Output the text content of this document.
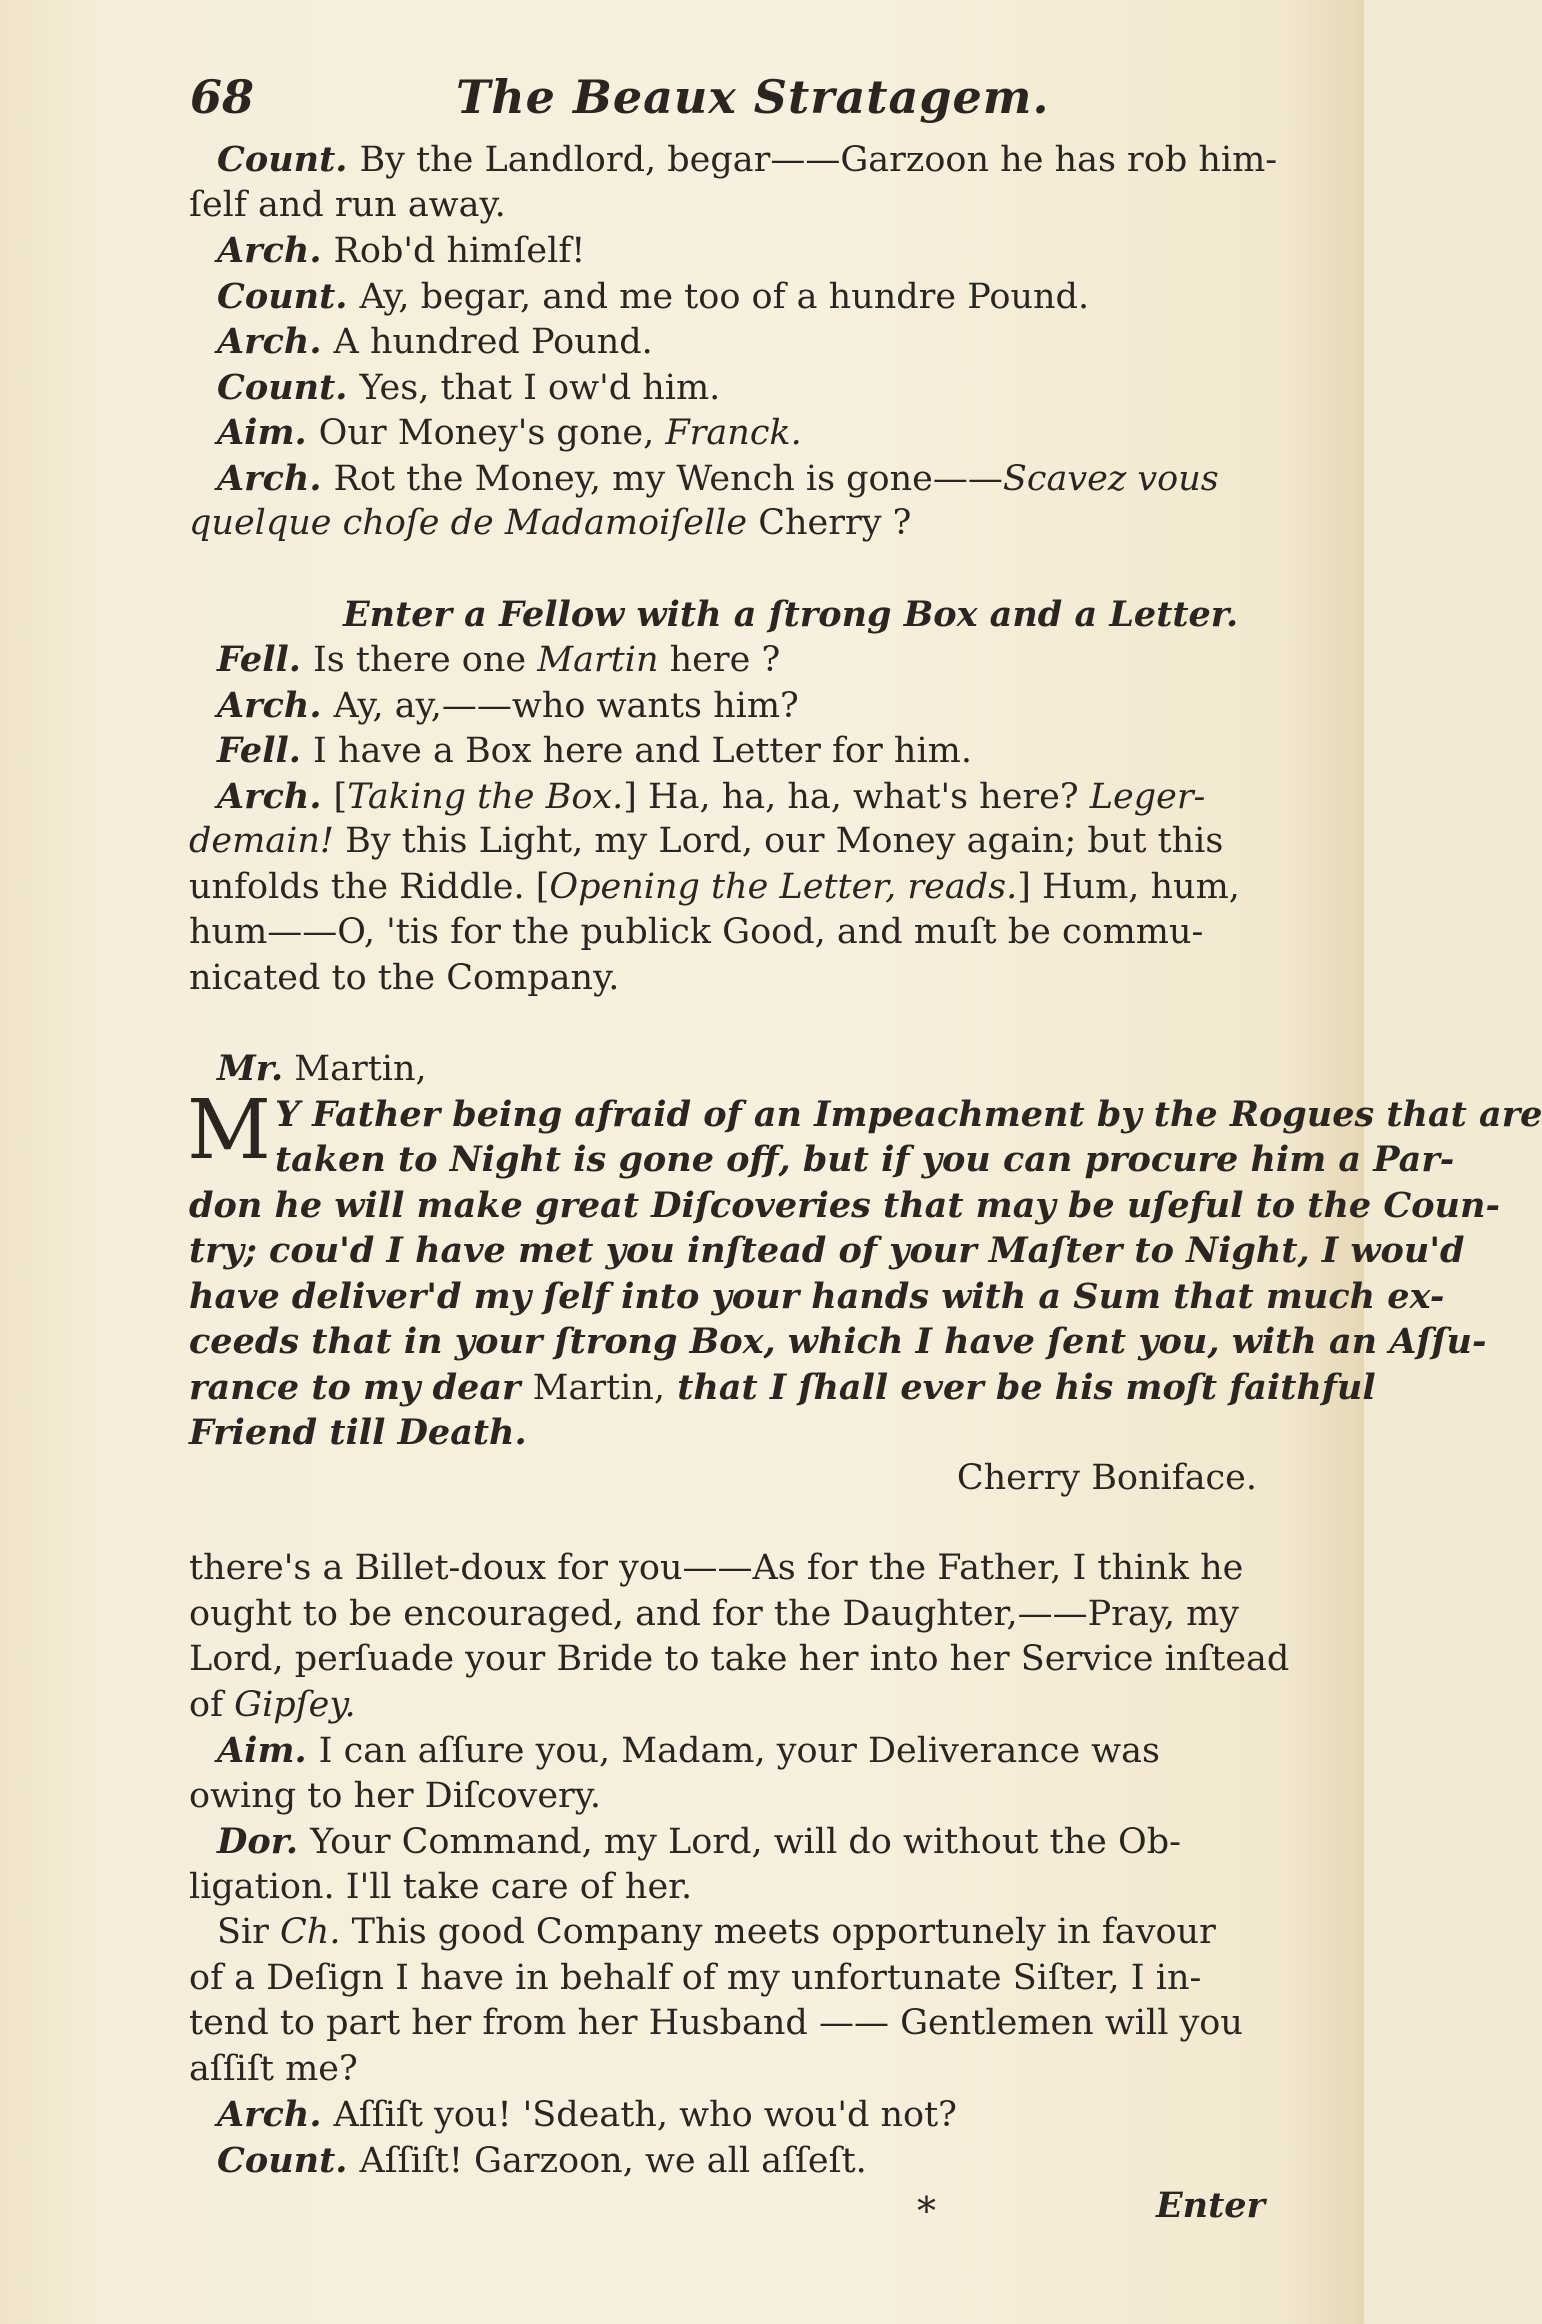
68	The Beaux Stratagem.
Count. By the Landlord, begar——Garzoon he has rob him-
ſelf and run away.
Arch. Rob'd himſelf!
Count. Ay, begar, and me too of a hundre Pound.
Arch. A hundred Pound.
Count. Yes, that I ow'd him.
Aim. Our Money's gone, Franck.
Arch. Rot the Money, my Wench is gone——Scavez vous
quelque choſe de Madamoiſelle Cherry ?
Enter a Fellow with a ſtrong Box and a Letter.
Fell. Is there one Martin here ?
Arch. Ay, ay,——who wants him?
Fell. I have a Box here and Letter for him.
Arch. [Taking the Box.] Ha, ha, ha, what's here? Leger-
demain! By this Light, my Lord, our Money again; but this
unfolds the Riddle. [Opening the Letter, reads.] Hum, hum,
hum——O, 'tis for the publick Good, and muſt be commu-
nicated to the Company.
Mr. Martin,
M Y Father being afraid of an Impeachment by the Rogues that are
taken to Night is gone off, but if you can procure him a Par-
don he will make great Diſcoveries that may be uſeful to the Coun-
try; cou'd I have met you inſtead of your Maſter to Night, I wou'd
have deliver'd my ſelf into your hands with a Sum that much ex-
ceeds that in your ſtrong Box, which I have ſent you, with an Aſſu-
rance to my dear Martin, that I ſhall ever be his moſt faithful
Friend till Death.
Cherry Boniface.
there's a Billet-doux for you——As for the Father, I think he
ought to be encouraged, and for the Daughter,——Pray, my
Lord, perſuade your Bride to take her into her Service inſtead
of Gipſey.
Aim. I can aſſure you, Madam, your Deliverance was
owing to her Diſcovery.
Dor. Your Command, my Lord, will do without the Ob-
ligation. I'll take care of her.
Sir Ch. This good Company meets opportunely in favour
of a Deſign I have in behalf of my unfortunate Siſter, I in-
tend to part her from her Husband —— Gentlemen will you
aſſiſt me?
Arch. Aſſiſt you! 'Sdeath, who wou'd not?
Count. Aſſiſt! Garzoon, we all aſſeſt.
*	Enter
